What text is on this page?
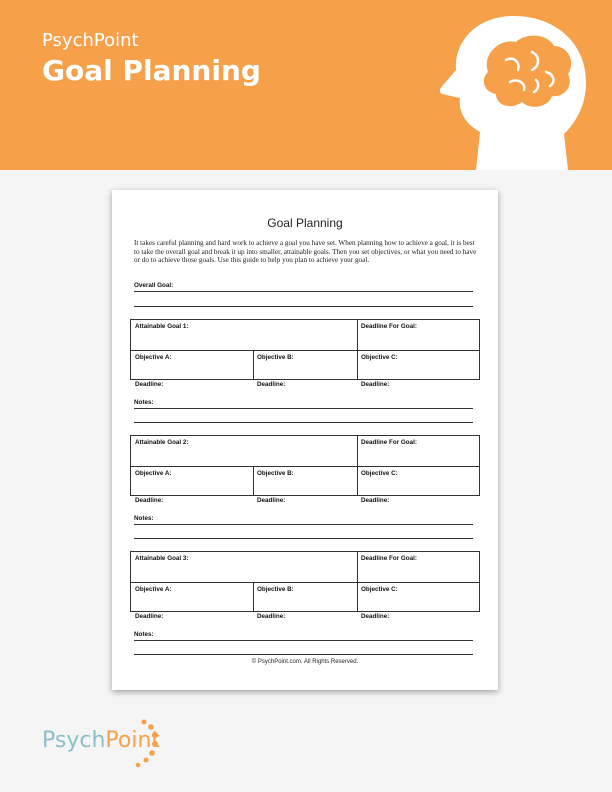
PsychPoint
Goal Planning
Goal Planning
It takes careful planning and hard work to achieve a goal you have set. When planning how to achieve a goal, it is best to take the overall goal and break it up into smaller, attainable goals. Then you set objectives, or what you need to have or do to achieve those goals. Use this guide to help you plan to achieve your goal.
Overall Goal:
Attainable Goal 1:	Deadline For Goal:
Objective A:
Deadline:
Objective B:
Deadline:
Objective C:
Deadline:
Notes:
Attainable Goal 2:	Deadline For Goal:
Objective A:
Deadline:
Objective B:
Deadline:
Objective C:
Deadline:
Notes:
Attainable Goal 3:	Deadline For Goal:
Objective A:
Deadline:
Objective B:
Deadline:
Objective C:
Deadline:
Notes:
© PsychPoint.com. All Rights Reserved.
PsychPoint
